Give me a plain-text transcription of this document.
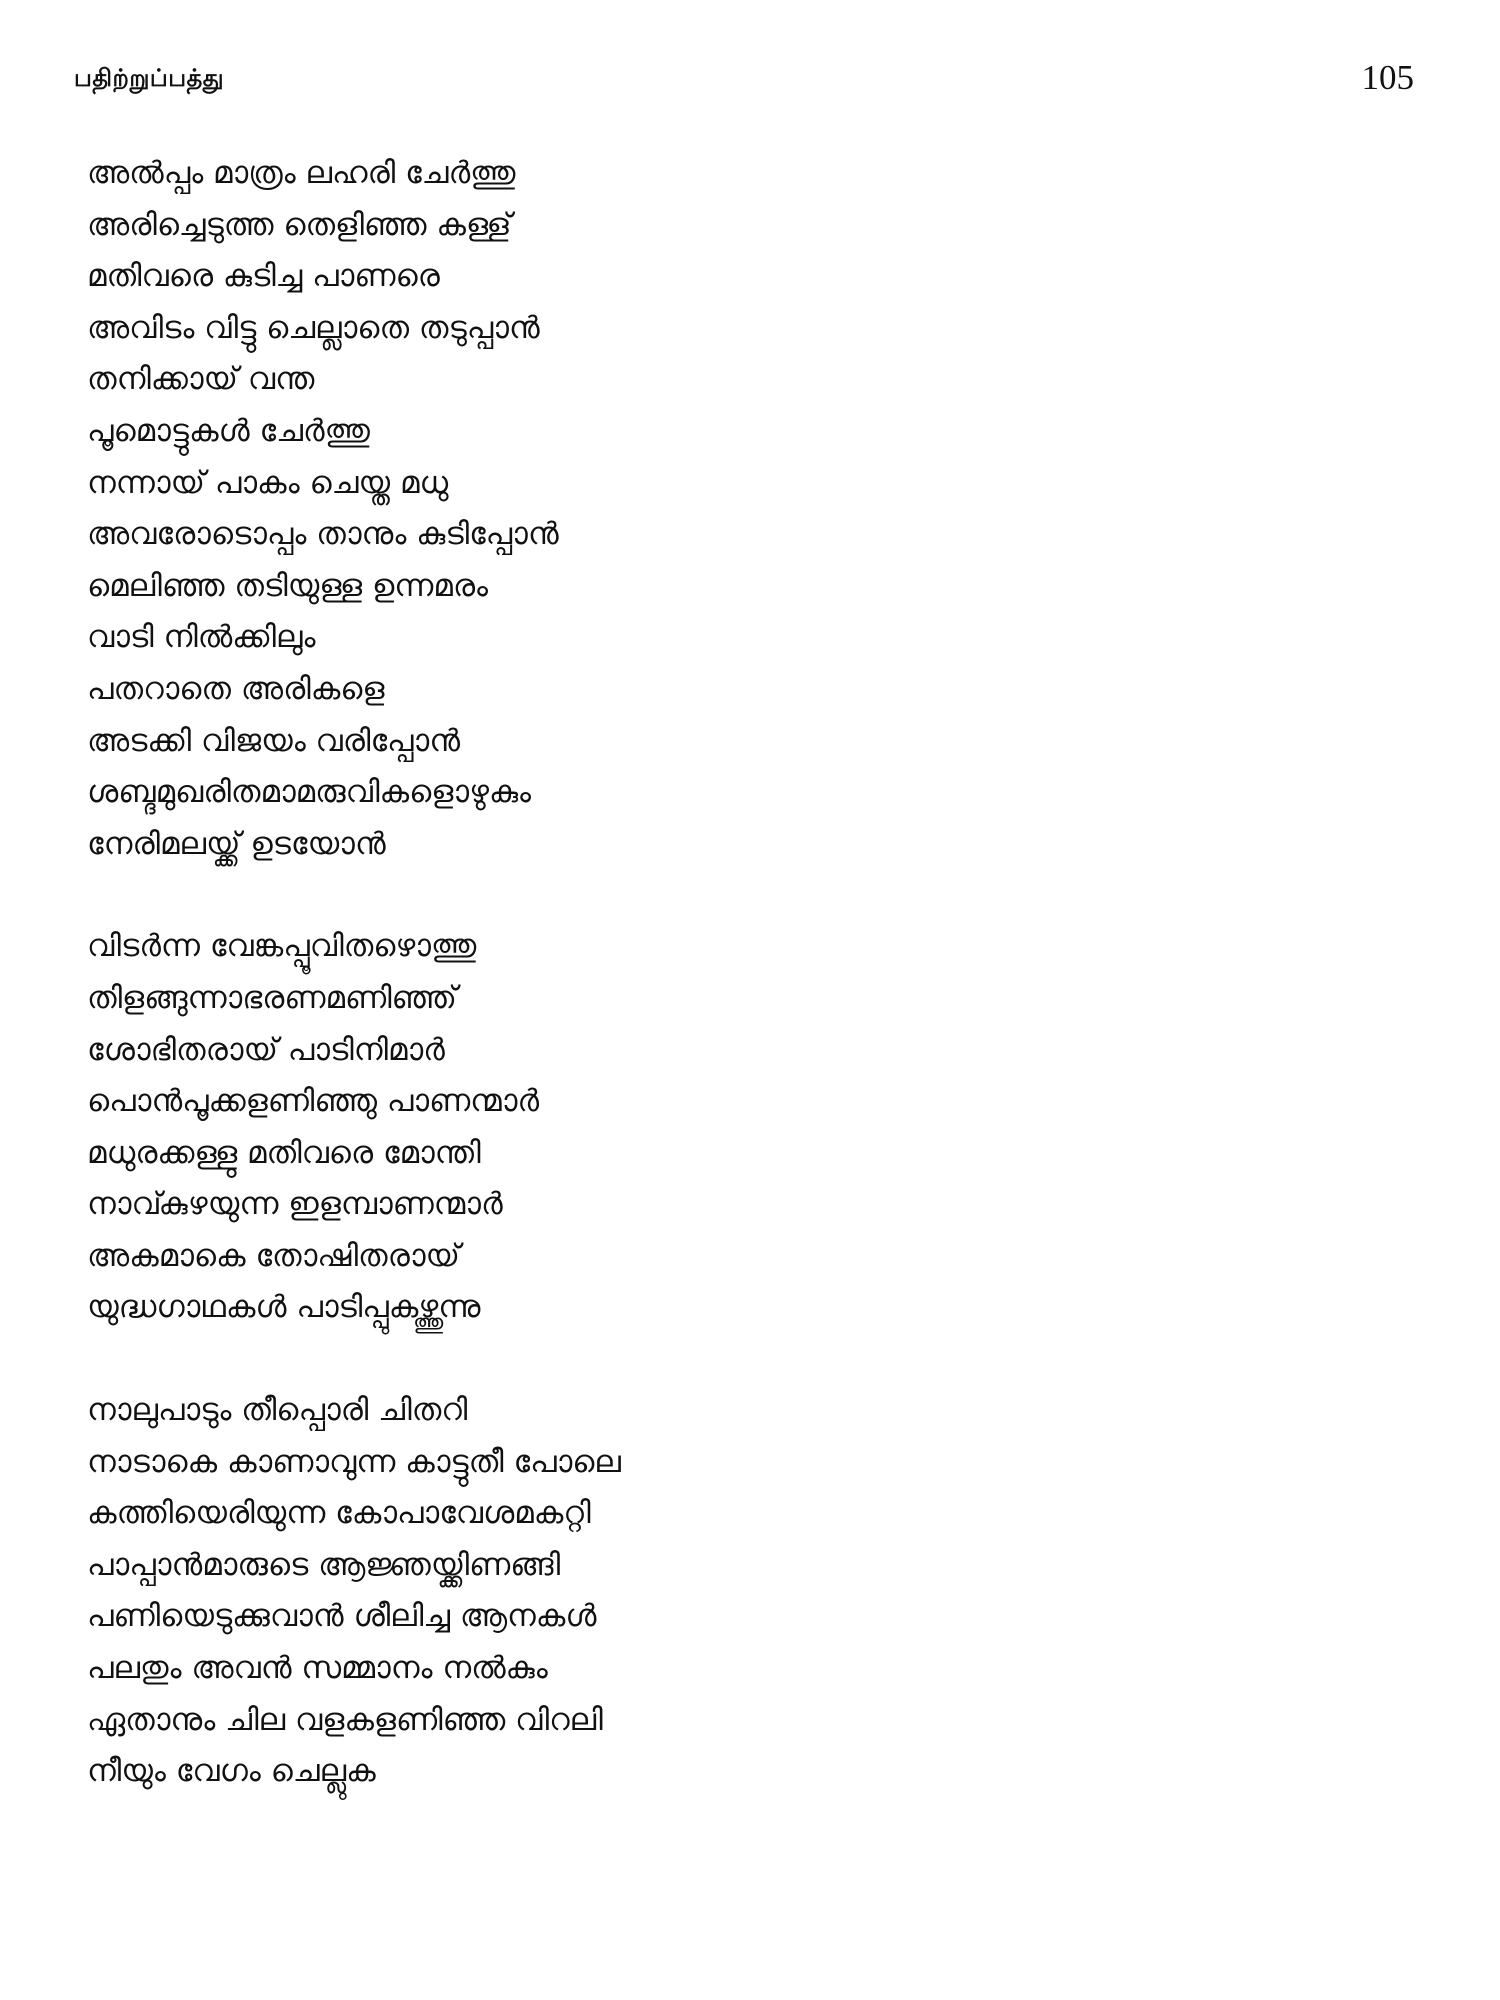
பதிற்றுப்பத்து	105
അൽപ്പം മാത്രം ലഹരി ചേർത്തു
അരിച്ചെടുത്ത തെളിഞ്ഞ കള്ള്
മതിവരെ കുടിച്ച പാണരെ
അവിടം വിട്ടു ചെല്ലാതെ തടുപ്പാൻ
തനിക്കായ് വന്ത
പൂമൊട്ടുകൾ ചേർത്തു
നന്നായ് പാകം ചെയ്ത മധു
അവരോടൊപ്പം താനും കുടിപ്പോൻ
മെലിഞ്ഞ തടിയുള്ള ഉന്നമരം
വാടി നിൽക്കിലും
പതറാതെ അരികളെ
അടക്കി വിജയം വരിപ്പോൻ
ശബ്ദമുഖരിതമാമരുവികളൊഴുകും
നേരിമലയ്ക്ക് ഉടയോൻ
വിടർന്ന വേങ്കപ്പൂവിതഴൊത്തു
തിളങ്ങുന്നാഭരണമണിഞ്ഞ്
ശോഭിതരായ് പാടിനിമാർ
പൊൻപൂക്കളണിഞ്ഞു പാണന്മാർ
മധുരക്കള്ളു മതിവരെ മോന്തി
നാവ്കുഴയുന്ന ഇളമ്പാണന്മാർ
അകമാകെ തോഷിതരായ്
യുദ്ധഗാഥകൾ പാടിപ്പുകഴ്ത്തുന്നു
നാലുപാടും തീപ്പൊരി ചിതറി
നാടാകെ കാണാവുന്ന കാട്ടുതീ പോലെ
കത്തിയെരിയുന്ന കോപാവേശമകറ്റി
പാപ്പാൻമാരുടെ ആജ്ഞയ്ക്കിണങ്ങി
പണിയെടുക്കുവാൻ ശീലിച്ച ആനകൾ
പലതും അവൻ സമ്മാനം നൽകും
ഏതാനും ചില വളകളണിഞ്ഞ വിറലി
നീയും വേഗം ചെല്ലുക
